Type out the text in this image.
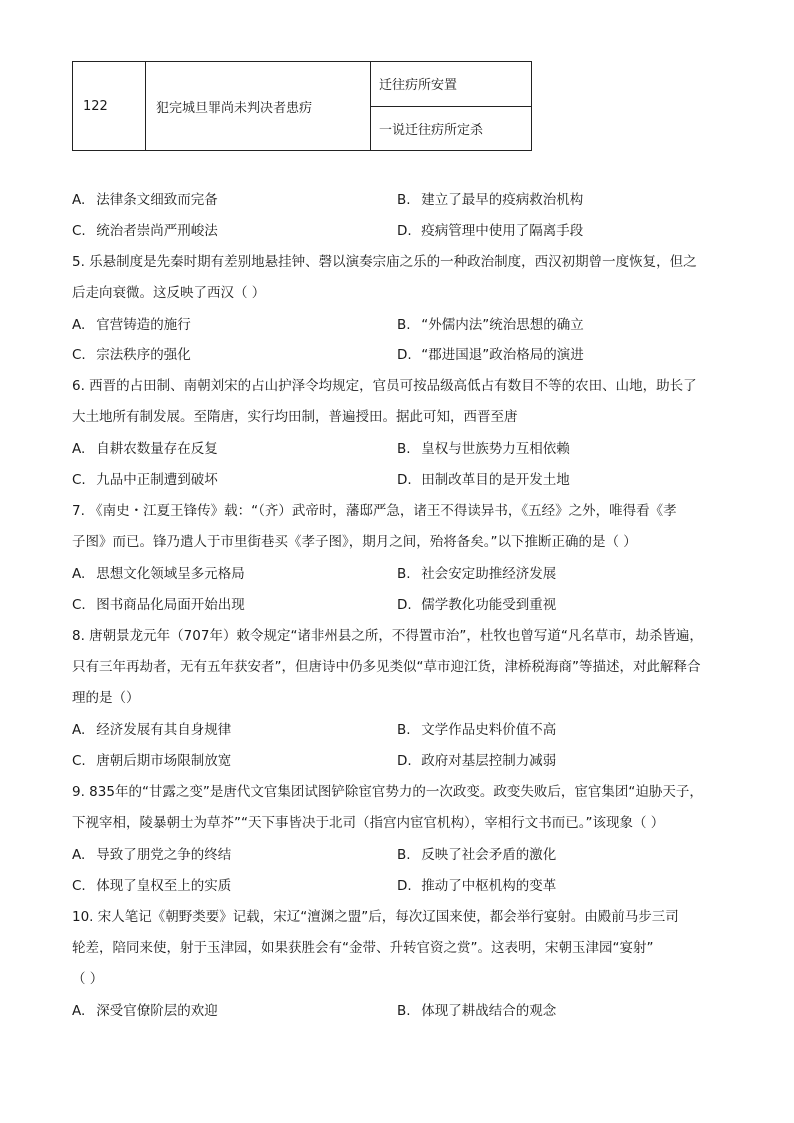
122	犯完城旦罪尚未判决者患疠	迁往疠所安置
一说迁往疠所定杀
A. 法律条文细致而完备	B. 建立了最早的疫病救治机构
C. 统治者崇尚严刑峻法	D. 疫病管理中使用了隔离手段
5. 乐悬制度是先秦时期有差别地悬挂钟、磬以演奏宗庙之乐的一种政治制度，西汉初期曾一度恢复，但之
后走向衰微。这反映了西汉（ ）
A. 官营铸造的施行	B. “外儒内法”统治思想的确立
C. 宗法秩序的强化	D. “郡进国退”政治格局的演进
6. 西晋的占田制、南朝刘宋的占山护泽令均规定，官员可按品级高低占有数目不等的农田、山地，助长了
大土地所有制发展。至隋唐，实行均田制，普遍授田。据此可知，西晋至唐
A. 自耕农数量存在反复	B. 皇权与世族势力互相依赖
C. 九品中正制遭到破坏	D. 田制改革目的是开发土地
7. 《南史・江夏王锋传》载：“（齐）武帝时，藩邸严急，诸王不得读异书，《五经》之外，唯得看《孝
子图》而已。锋乃遣人于市里街巷买《孝子图》，期月之间，殆将备矣。”以下推断正确的是（ ）
A. 思想文化领域呈多元格局	B. 社会安定助推经济发展
C. 图书商品化局面开始出现	D. 儒学教化功能受到重视
8. 唐朝景龙元年（707年）敕令规定“诸非州县之所，不得置市治”，杜牧也曾写道“凡名草市，劫杀皆遍，
只有三年再劫者，无有五年获安者”，但唐诗中仍多见类似“草市迎江货，津桥税海商”等描述，对此解释合
理的是（）
A. 经济发展有其自身规律	B. 文学作品史料价值不高
C. 唐朝后期市场限制放宽	D. 政府对基层控制力减弱
9. 835年的“甘露之变”是唐代文官集团试图铲除宦官势力的一次政变。政变失败后，宦官集团“迫胁天子，
下视宰相，陵暴朝士为草芥”“天下事皆决于北司（指宫内宦官机构），宰相行文书而已。”该现象（ ）
A. 导致了朋党之争的终结	B. 反映了社会矛盾的激化
C. 体现了皇权至上的实质	D. 推动了中枢机构的变革
10. 宋人笔记《朝野类要》记载，宋辽“澶渊之盟”后，每次辽国来使，都会举行宴射。由殿前马步三司
轮差，陪同来使，射于玉津园，如果获胜会有“金带、升转官资之赏”。这表明，宋朝玉津园“宴射”
（ ）
A. 深受官僚阶层的欢迎	B. 体现了耕战结合的观念
